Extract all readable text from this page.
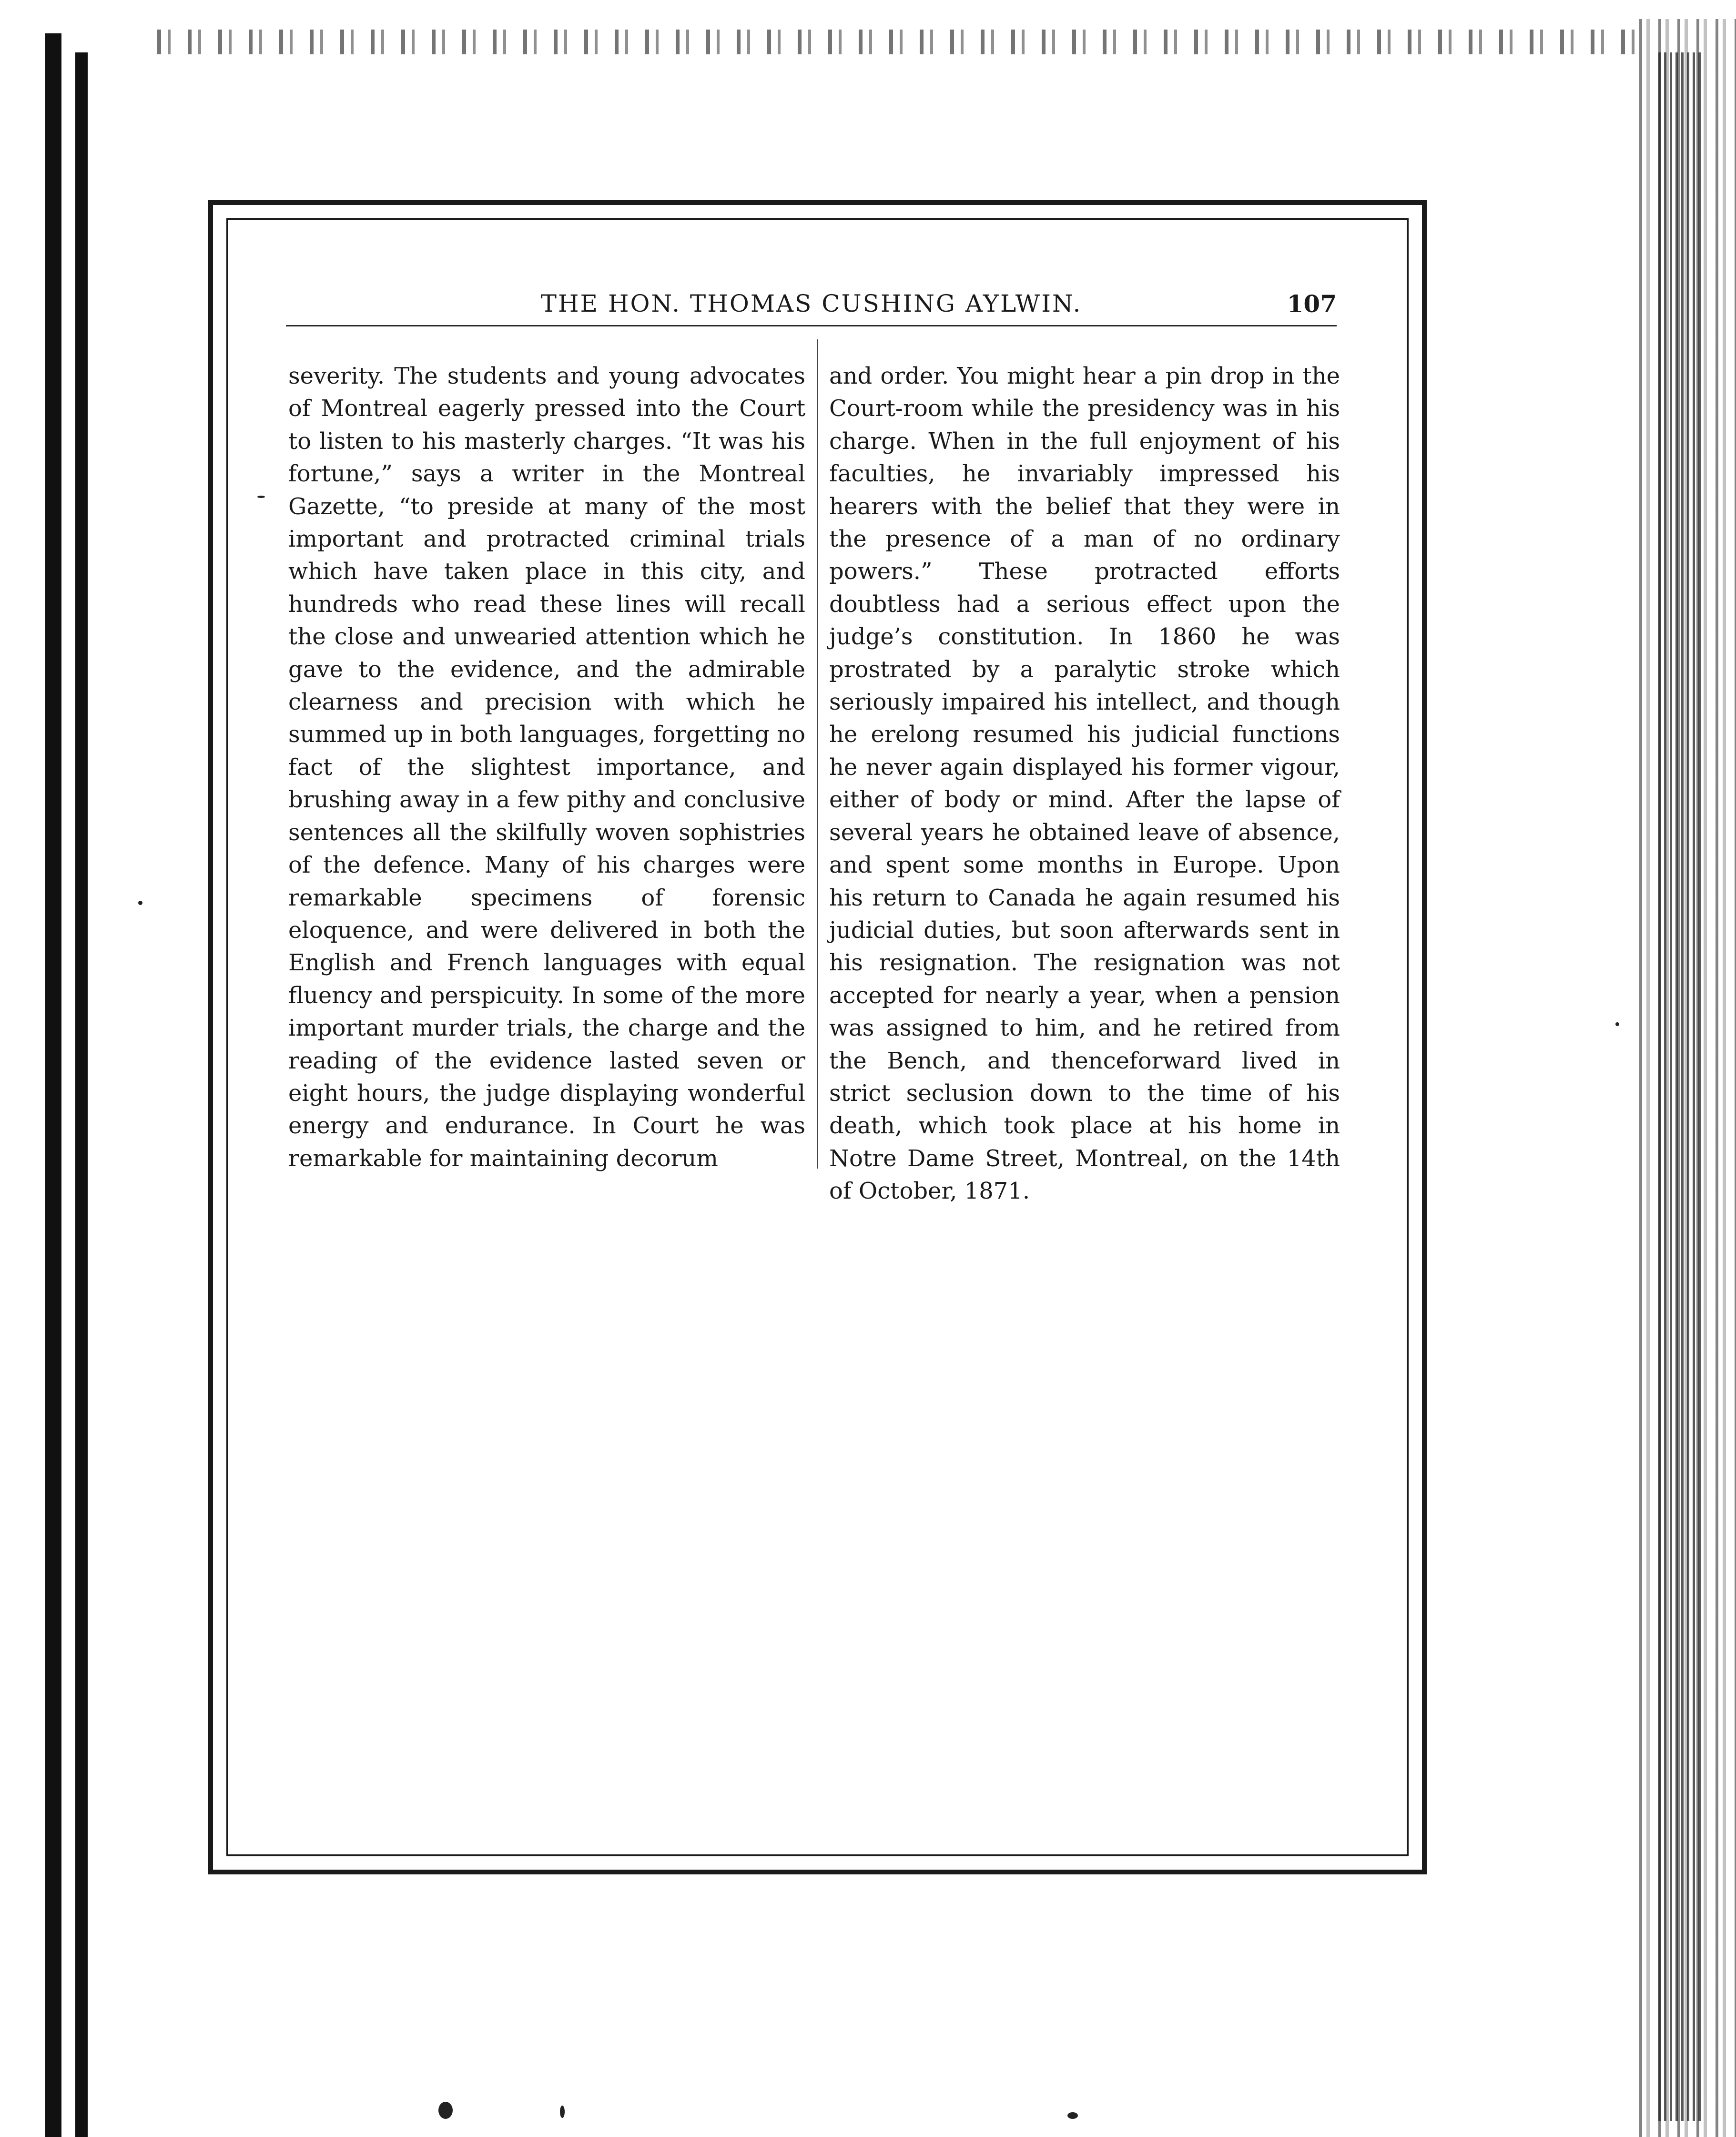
THE HON. THOMAS CUSHING AYLWIN.	107
severity. The students and young advocates of Montreal eagerly pressed into the Court to listen to his masterly charges. “It was his fortune,” says a writer in the Montreal Gazette, “to preside at many of the most important and protracted criminal trials which have taken place in this city, and hundreds who read these lines will recall the close and unwearied attention which he gave to the evidence, and the admirable clearness and precision with which he summed up in both languages, forgetting no fact of the slightest importance, and brushing away in a few pithy and conclusive sentences all the skilfully woven sophistries of the defence. Many of his charges were remarkable specimens of forensic eloquence, and were delivered in both the English and French languages with equal fluency and perspicuity. In some of the more important murder trials, the charge and the reading of the evidence lasted seven or eight hours, the judge displaying wonderful energy and endurance. In Court he was remarkable for maintaining decorum
and order. You might hear a pin drop in the Court-room while the presidency was in his charge. When in the full enjoyment of his faculties, he invariably impressed his hearers with the belief that they were in the presence of a man of no ordinary powers.” These protracted efforts doubtless had a serious effect upon the judge’s constitution. In 1860 he was prostrated by a paralytic stroke which seriously impaired his intellect, and though he erelong resumed his judicial functions he never again displayed his former vigour, either of body or mind. After the lapse of several years he obtained leave of absence, and spent some months in Europe. Upon his return to Canada he again resumed his judicial duties, but soon afterwards sent in his resignation. The resignation was not accepted for nearly a year, when a pension was assigned to him, and he retired from the Bench, and thenceforward lived in strict seclusion down to the time of his death, which took place at his home in Notre Dame Street, Montreal, on the 14th of October, 1871.
